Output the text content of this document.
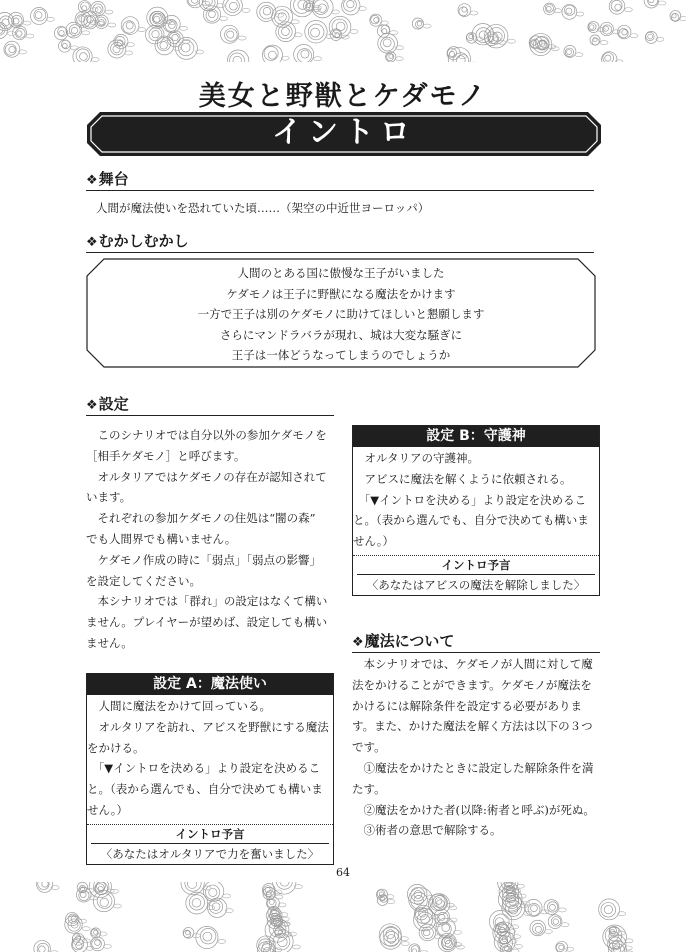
美女と野獣とケダモノ
イントロ
❖舞台
人間が魔法使いを恐れていた頃……（架空の中近世ヨーロッパ）
❖むかしむかし
人間のとある国に傲慢な王子がいました
ケダモノは王子に野獣になる魔法をかけます
一方で王子は別のケダモノに助けてほしいと懇願します
さらにマンドラバラが現れ、城は大変な騒ぎに
王子は一体どうなってしまうのでしょうか
❖設定
　このシナリオでは自分以外の参加ケダモノを
［相手ケダモノ］と呼びます。
　オルタリアではケダモノの存在が認知されて
います。
　それぞれの参加ケダモノの住処は“闇の森”
でも人間界でも構いません。
　ケダモノ作成の時に「弱点」「弱点の影響」
を設定してください。
　本シナリオでは「群れ」の設定はなくて構い
ません。プレイヤーが望めば、設定しても構い
ません。
設定 A：魔法使い
　人間に魔法をかけて回っている。
　オルタリアを訪れ、アビスを野獣にする魔法
をかける。
　「▼イントロを決める」より設定を決めるこ
と。（表から選んでも、自分で決めても構いま
せん。）
イントロ予言
〈あなたはオルタリアで力を奮いました〉
設定 B：守護神
　オルタリアの守護神。
　アビスに魔法を解くように依頼される。
　「▼イントロを決める」より設定を決めるこ
と。（表から選んでも、自分で決めても構いま
せん。）
イントロ予言
〈あなたはアビスの魔法を解除しました〉
❖魔法について
　本シナリオでは、ケダモノが人間に対して魔
法をかけることができます。ケダモノが魔法を
かけるには解除条件を設定する必要がありま
す。また、かけた魔法を解く方法は以下の３つ
です。
　①魔法をかけたときに設定した解除条件を満
たす。
　②魔法をかけた者(以降:術者と呼ぶ)が死ぬ。
　③術者の意思で解除する。
64
